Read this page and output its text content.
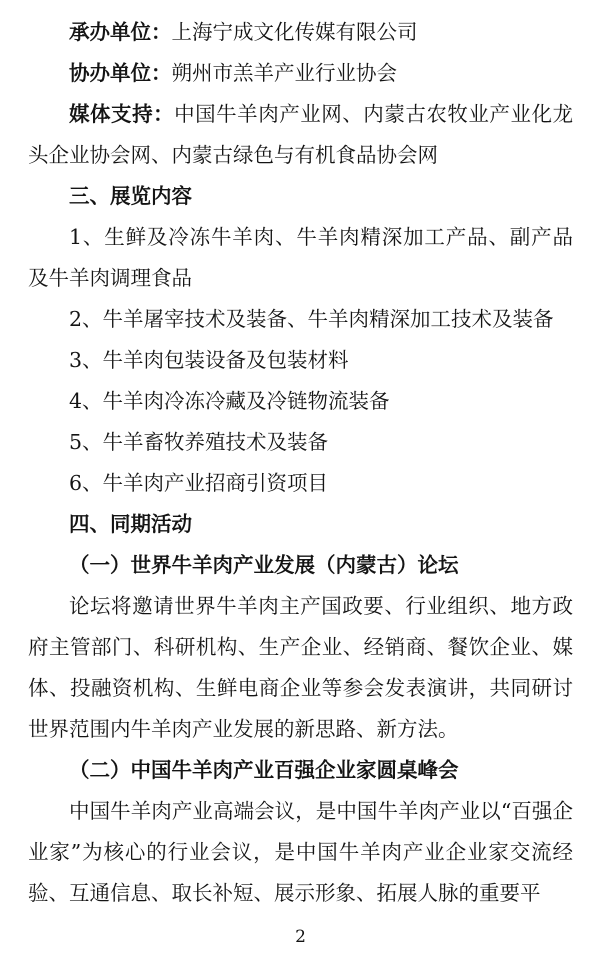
承办单位：上海宁成文化传媒有限公司

协办单位：朔州市羔羊产业行业协会

媒体支持：中国牛羊肉产业网、内蒙古农牧业产业化龙头企业协会网、内蒙古绿色与有机食品协会网

三、展览内容

1、生鲜及冷冻牛羊肉、牛羊肉精深加工产品、副产品及牛羊肉调理食品

2、牛羊屠宰技术及装备、牛羊肉精深加工技术及装备

3、牛羊肉包装设备及包装材料

4、牛羊肉冷冻冷藏及冷链物流装备

5、牛羊畜牧养殖技术及装备

6、牛羊肉产业招商引资项目

四、同期活动

（一）世界牛羊肉产业发展（内蒙古）论坛

论坛将邀请世界牛羊肉主产国政要、行业组织、地方政府主管部门、科研机构、生产企业、经销商、餐饮企业、媒体、投融资机构、生鲜电商企业等参会发表演讲，共同研讨世界范围内牛羊肉产业发展的新思路、新方法。

（二）中国牛羊肉产业百强企业家圆桌峰会

中国牛羊肉产业高端会议，是中国牛羊肉产业以“百强企业家”为核心的行业会议，是中国牛羊肉产业企业家交流经验、互通信息、取长补短、展示形象、拓展人脉的重要平

2
